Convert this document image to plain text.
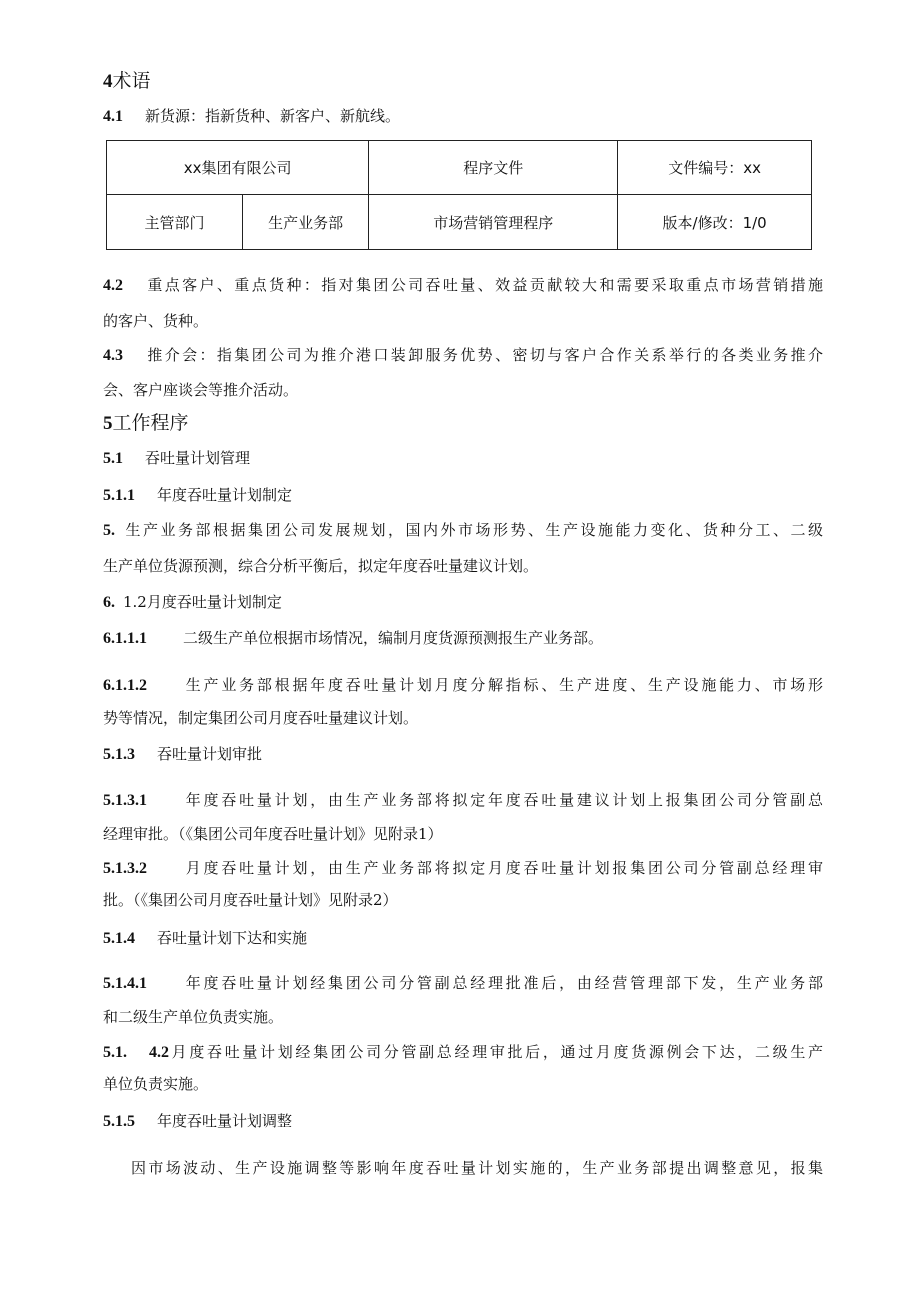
4术语
4.1 新货源：指新货种、新客户、新航线。
xx集团有限公司		程序文件	文件编号：xx
主管部门	生产业务部	市场营销管理程序	版本/修改：1/0
4.2 重点客户、重点货种：指对集团公司吞吐量、效益贡献较大和需要采取重点市场营销措施
的客户、货种。
4.3 推介会：指集团公司为推介港口装卸服务优势、密切与客户合作关系举行的各类业务推介
会、客户座谈会等推介活动。
5工作程序
5.1 吞吐量计划管理
5.1.1 年度吞吐量计划制定
5. 生产业务部根据集团公司发展规划，国内外市场形势、生产设施能力变化、货种分工、二级
生产单位货源预测，综合分析平衡后，拟定年度吞吐量建议计划。
6. 1.2月度吞吐量计划制定
6.1.1.1 二级生产单位根据市场情况，编制月度货源预测报生产业务部。
6.1.1.2 生产业务部根据年度吞吐量计划月度分解指标、生产进度、生产设施能力、市场形
势等情况，制定集团公司月度吞吐量建议计划。
5.1.3 吞吐量计划审批
5.1.3.1 年度吞吐量计划，由生产业务部将拟定年度吞吐量建议计划上报集团公司分管副总
经理审批。（《集团公司年度吞吐量计划》见附录1）
5.1.3.2 月度吞吐量计划，由生产业务部将拟定月度吞吐量计划报集团公司分管副总经理审
批。（《集团公司月度吞吐量计划》见附录2）
5.1.4 吞吐量计划下达和实施
5.1.4.1 年度吞吐量计划经集团公司分管副总经理批准后，由经营管理部下发，生产业务部
和二级生产单位负责实施。
5.1. 4.2月度吞吐量计划经集团公司分管副总经理审批后，通过月度货源例会下达，二级生产
单位负责实施。
5.1.5 年度吞吐量计划调整
因市场波动、生产设施调整等影响年度吞吐量计划实施的，生产业务部提出调整意见，报集
